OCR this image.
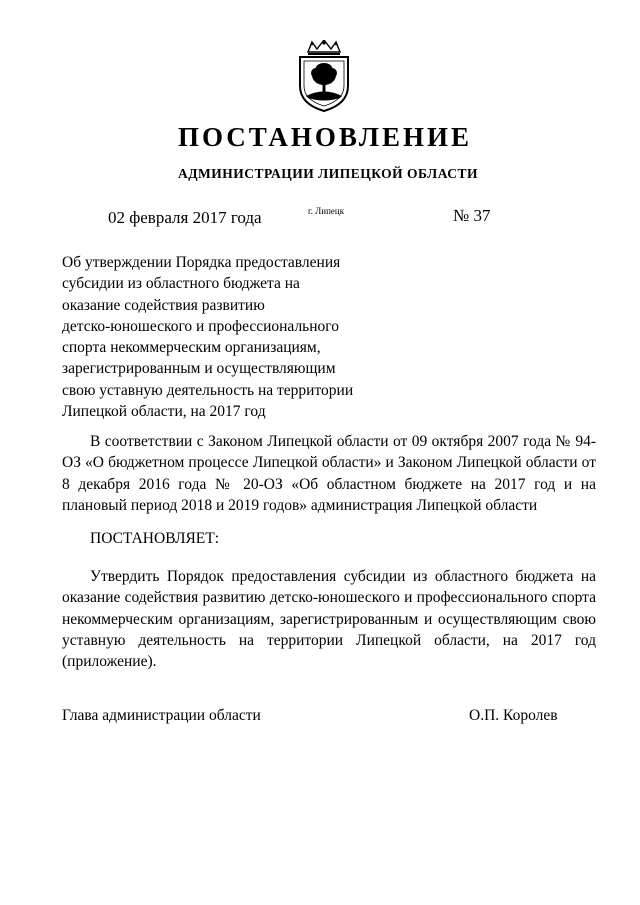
ПОСТАНОВЛЕНИЕ
АДМИНИСТРАЦИИ ЛИПЕЦКОЙ ОБЛАСТИ
02 февраля 2017 года	г. Липецк	№ 37
Об утверждении Порядка предоставления
субсидии из областного бюджета на
оказание содействия развитию
детско-юношеского и профессионального
спорта некоммерческим организациям,
зарегистрированным и осуществляющим
свою уставную деятельность на территории
Липецкой области, на 2017 год

В соответствии с Законом Липецкой области от 09 октября 2007 года № 94-ОЗ «О бюджетном процессе Липецкой области» и Законом Липецкой области от 8 декабря 2016 года № 20-ОЗ «Об областном бюджете на 2017 год и на плановый период 2018 и 2019 годов» администрация Липецкой области

ПОСТАНОВЛЯЕТ:

Утвердить Порядок предоставления субсидии из областного бюджета на оказание содействия развитию детско-юношеского и профессионального спорта некоммерческим организациям, зарегистрированным и осуществляющим свою уставную деятельность на территории Липецкой области, на 2017 год (приложение).

Глава администрации области	О.П. Королев
